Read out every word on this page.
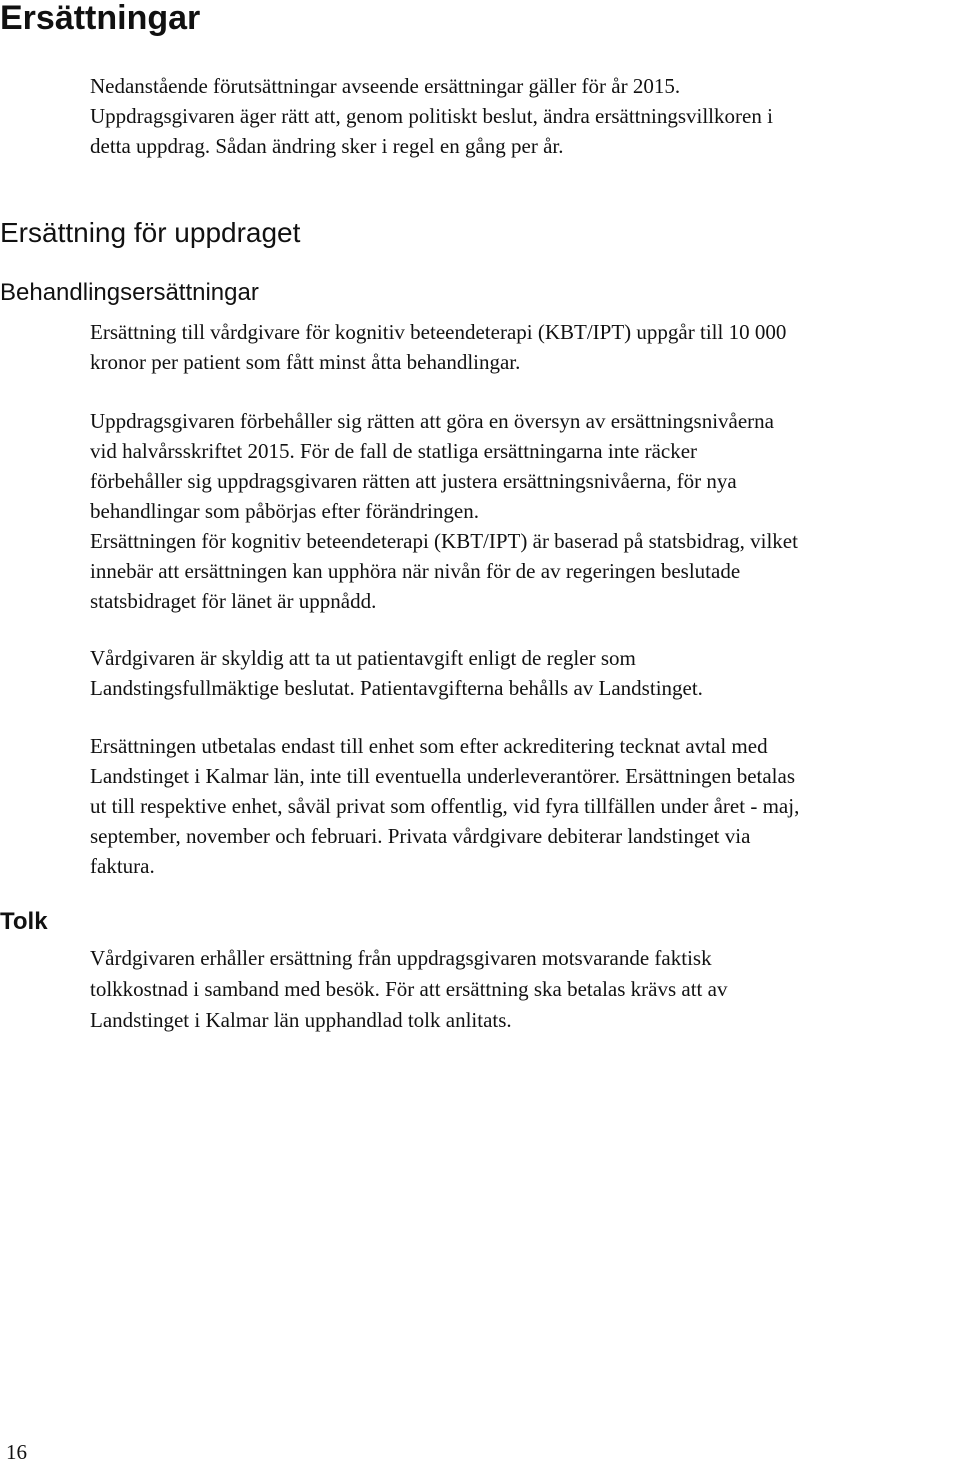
Ersättningar
Nedanstående förutsättningar avseende ersättningar gäller för år 2015.
Uppdragsgivaren äger rätt att, genom politiskt beslut, ändra ersättningsvillkoren i
detta uppdrag. Sådan ändring sker i regel en gång per år.
Ersättning för uppdraget
Behandlingsersättningar
Ersättning till vårdgivare för kognitiv beteendeterapi (KBT/IPT) uppgår till 10 000
kronor per patient som fått minst åtta behandlingar.
Uppdragsgivaren förbehåller sig rätten att göra en översyn av ersättningsnivåerna
vid halvårsskriftet 2015. För de fall de statliga ersättningarna inte räcker
förbehåller sig uppdragsgivaren rätten att justera ersättningsnivåerna, för nya
behandlingar som påbörjas efter förändringen.
Ersättningen för kognitiv beteendeterapi (KBT/IPT) är baserad på statsbidrag, vilket
innebär att ersättningen kan upphöra när nivån för de av regeringen beslutade
statsbidraget för länet är uppnådd.
Vårdgivaren är skyldig att ta ut patientavgift enligt de regler som
Landstingsfullmäktige beslutat. Patientavgifterna behålls av Landstinget.
Ersättningen utbetalas endast till enhet som efter ackreditering tecknat avtal med
Landstinget i Kalmar län, inte till eventuella underleverantörer. Ersättningen betalas
ut till respektive enhet, såväl privat som offentlig, vid fyra tillfällen under året - maj,
september, november och februari. Privata vårdgivare debiterar landstinget via
faktura.
Tolk
Vårdgivaren erhåller ersättning från uppdragsgivaren motsvarande faktisk
tolkkostnad i samband med besök. För att ersättning ska betalas krävs att av
Landstinget i Kalmar län upphandlad tolk anlitats.
16
